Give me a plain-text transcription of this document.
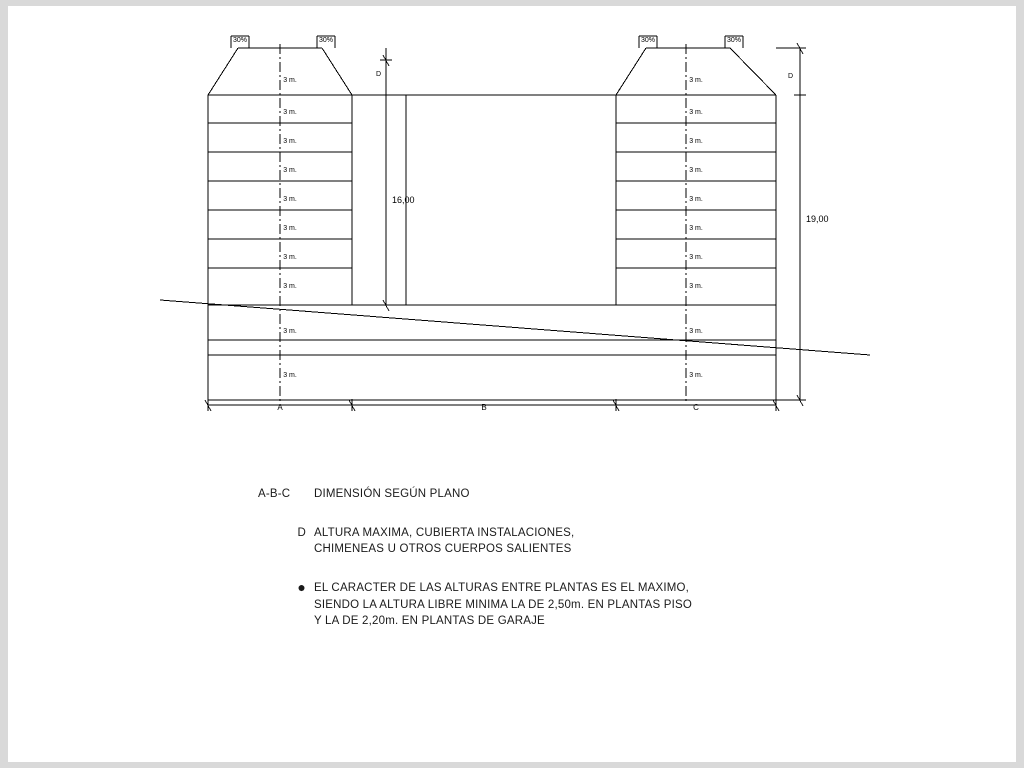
30%	30%	30%	30%
3 m.
3 m.
3 m.
3 m.
3 m.
3 m.
3 m.
3 m.
3 m.
3 m.
3 m.
3 m.
3 m.
3 m.
3 m.
3 m.
3 m.
3 m.
3 m.
3 m.
16,00
19,00
D
D
A	B	C
A-B-C	DIMENSIÓN SEGÚN PLANO
D ALTURA MAXIMA, CUBIERTA INSTALACIONES,
CHIMENEAS U OTROS CUERPOS SALIENTES
● EL CARACTER DE LAS ALTURAS ENTRE PLANTAS ES EL MAXIMO,
SIENDO LA ALTURA LIBRE MINIMA LA DE 2,50m. EN PLANTAS PISO
Y LA DE 2,20m. EN PLANTAS DE GARAJE
